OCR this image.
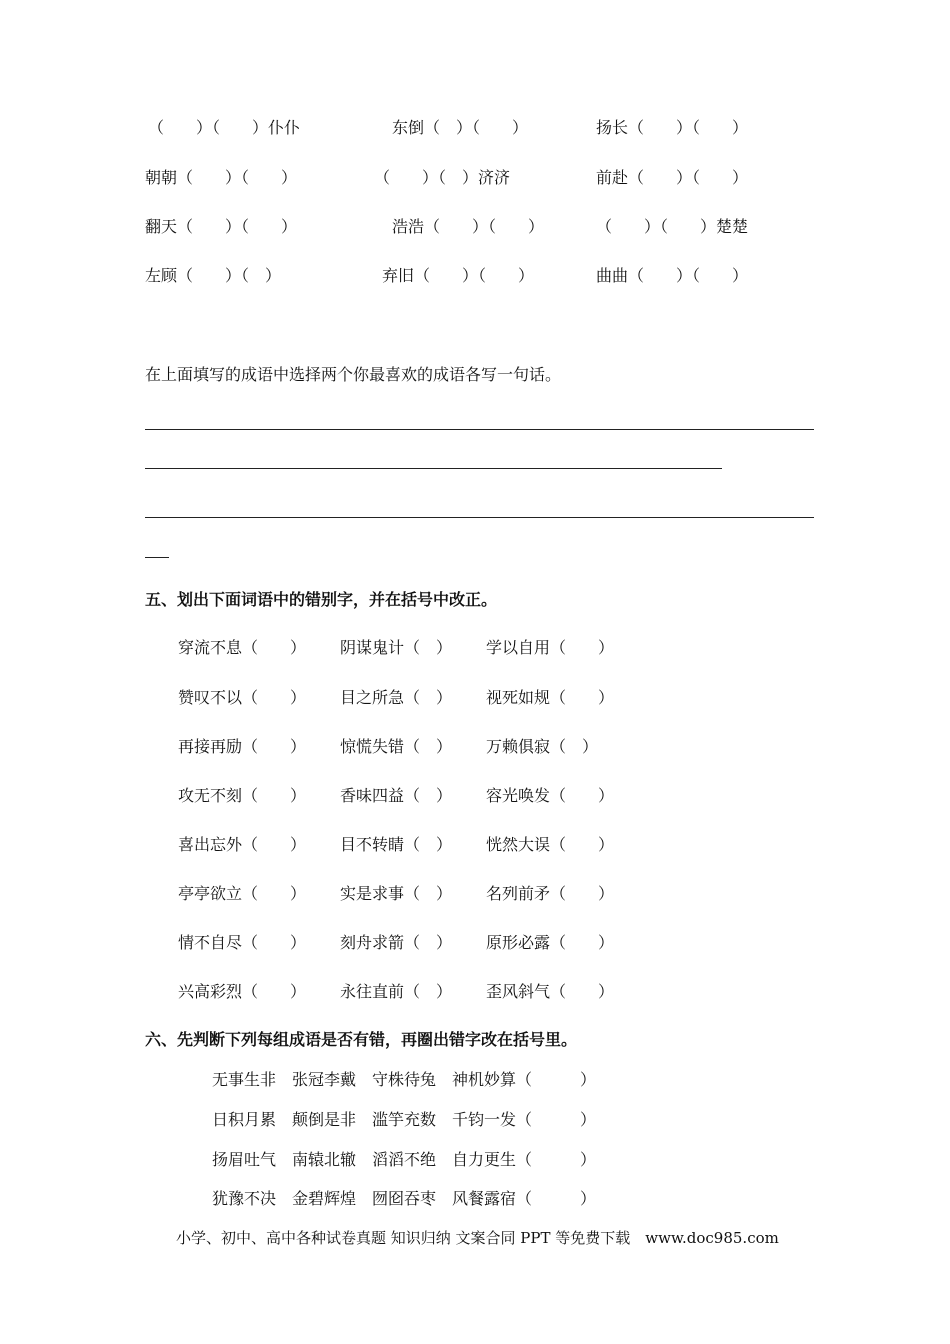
（　　）（　　）仆仆	东倒（　）（　　）	扬长（　　）（　　）
朝朝（　　）（　　）	（　　）（　）济济	前赴（　　）（　　）
翻天（　　）（　　）	浩浩（　　）（　　）	（　　）（　　）楚楚
左顾（　　）（　）	弃旧（　　）（　　）	曲曲（　　）（　　）
在上面填写的成语中选择两个你最喜欢的成语各写一句话。
五、划出下面词语中的错别字，并在括号中改正。
穿流不息（　　） 阴谋鬼计（　） 学以自用（　　）
赞叹不以（　　） 目之所急（　） 视死如规（　　）
再接再励（　　） 惊慌失错（　） 万赖俱寂（　）
攻无不刻（　　） 香味四益（　） 容光唤发（　　）
喜出忘外（　　） 目不转睛（　） 恍然大误（　　）
亭亭欲立（　　） 实是求事（　） 名列前矛（　　）
情不自尽（　　） 刻舟求箭（　） 原形必露（　　）
兴高彩烈（　　） 永往直前（　） 歪风斜气（　　）
六、先判断下列每组成语是否有错，再圈出错字改在括号里。
无事生非　张冠李戴　守株待兔　神机妙算（　　　）
日积月累　颠倒是非　滥竽充数　千钧一发（　　　）
扬眉吐气　南辕北辙　滔滔不绝　自力更生（　　　）
犹豫不决　金碧辉煌　囫囵吞枣　风餐露宿（　　　）
小学、初中、高中各种试卷真题 知识归纳 文案合同 PPT 等免费下载　www.doc985.com
